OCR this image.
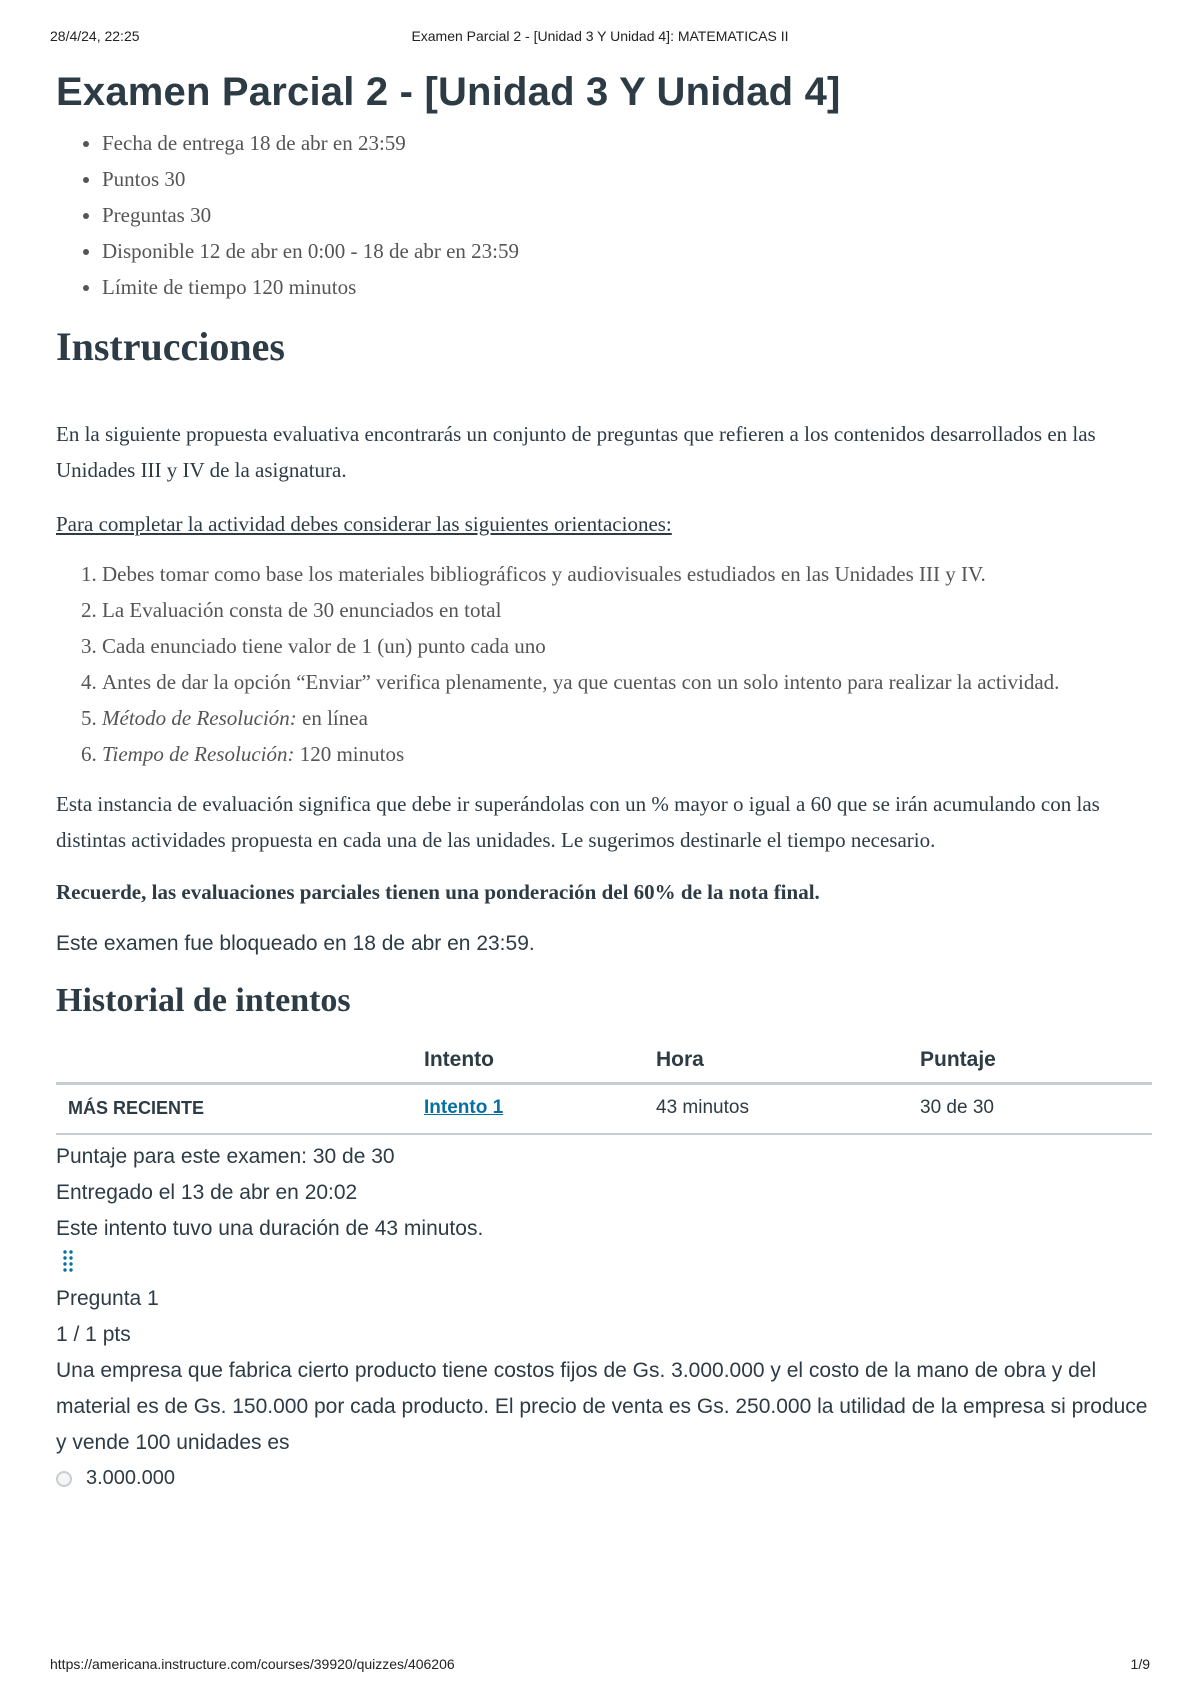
28/4/24, 22:25	Examen Parcial 2 - [Unidad 3 Y Unidad 4]: MATEMATICAS II
Examen Parcial 2 - [Unidad 3 Y Unidad 4]
• Fecha de entrega 18 de abr en 23:59
• Puntos 30
• Preguntas 30
• Disponible 12 de abr en 0:00 - 18 de abr en 23:59
• Límite de tiempo 120 minutos
Instrucciones

En la siguiente propuesta evaluativa encontrarás un conjunto de preguntas que refieren a los contenidos desarrollados en las Unidades III y IV de la asignatura.

Para completar la actividad debes considerar las siguientes orientaciones:

1. Debes tomar como base los materiales bibliográficos y audiovisuales estudiados en las Unidades III y IV.
2. La Evaluación consta de 30 enunciados en total
3. Cada enunciado tiene valor de 1 (un) punto cada uno
4. Antes de dar la opción “Enviar” verifica plenamente, ya que cuentas con un solo intento para realizar la actividad.
5. Método de Resolución: en línea
6. Tiempo de Resolución: 120 minutos

Esta instancia de evaluación significa que debe ir superándolas con un % mayor o igual a 60 que se irán acumulando con las distintas actividades propuesta en cada una de las unidades. Le sugerimos destinarle el tiempo necesario.

Recuerde, las evaluaciones parciales tienen una ponderación del 60% de la nota final.

Este examen fue bloqueado en 18 de abr en 23:59.

Historial de intentos
	Intento	Hora	Puntaje
MÁS RECIENTE	Intento 1	43 minutos	30 de 30

Puntaje para este examen: 30 de 30

Entregado el 13 de abr en 20:02

Este intento tuvo una duración de 43 minutos.

Pregunta 1

1 / 1 pts

Una empresa que fabrica cierto producto tiene costos fijos de Gs. 3.000.000 y el costo de la mano de obra y del material es de Gs. 150.000 por cada producto. El precio de venta es Gs. 250.000 la utilidad de la empresa si produce y vende 100 unidades es

3.000.000
https://americana.instructure.com/courses/39920/quizzes/406206	1/9
